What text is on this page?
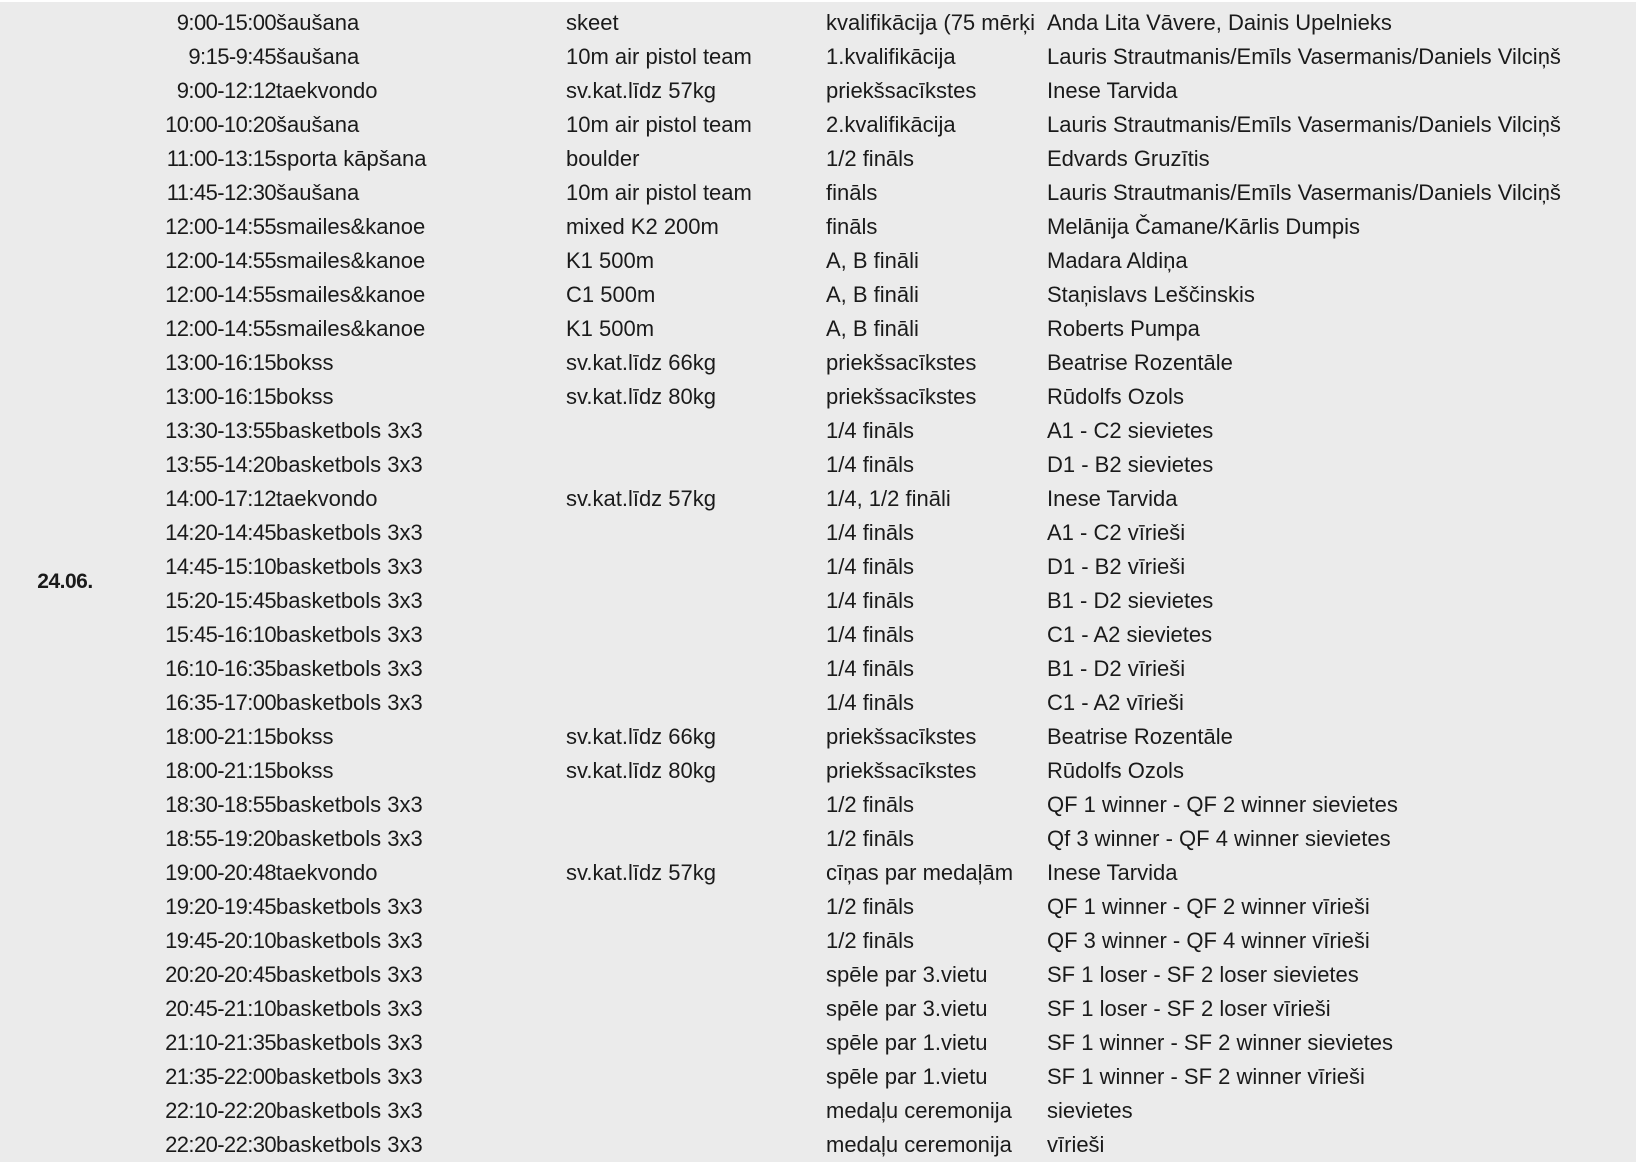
24.06.
9:00-15:00	šaušana	skeet	kvalifikācija (75 mērķi	Anda Lita Vāvere, Dainis Upelnieks
9:15-9:45	šaušana	10m air pistol team	1.kvalifikācija	Lauris Strautmanis/Emīls Vasermanis/Daniels Vilciņš
9:00-12:12	taekvondo	sv.kat.līdz 57kg	priekšsacīkstes	Inese Tarvida
10:00-10:20	šaušana	10m air pistol team	2.kvalifikācija	Lauris Strautmanis/Emīls Vasermanis/Daniels Vilciņš
11:00-13:15	sporta kāpšana	boulder	1/2 fināls	Edvards Gruzītis
11:45-12:30	šaušana	10m air pistol team	fināls	Lauris Strautmanis/Emīls Vasermanis/Daniels Vilciņš
12:00-14:55	smailes&kanoe	mixed K2 200m	fināls	Melānija Čamane/Kārlis Dumpis
12:00-14:55	smailes&kanoe	K1 500m	A, B fināli	Madara Aldiņa
12:00-14:55	smailes&kanoe	C1 500m	A, B fināli	Staņislavs Leščinskis
12:00-14:55	smailes&kanoe	K1 500m	A, B fināli	Roberts Pumpa
13:00-16:15	bokss	sv.kat.līdz 66kg	priekšsacīkstes	Beatrise Rozentāle
13:00-16:15	bokss	sv.kat.līdz 80kg	priekšsacīkstes	Rūdolfs Ozols
13:30-13:55	basketbols 3x3		1/4 fināls	A1 - C2 sievietes
13:55-14:20	basketbols 3x3		1/4 fināls	D1 - B2 sievietes
14:00-17:12	taekvondo	sv.kat.līdz 57kg	1/4, 1/2 fināli	Inese Tarvida
14:20-14:45	basketbols 3x3		1/4 fināls	A1 - C2 vīrieši
14:45-15:10	basketbols 3x3		1/4 fināls	D1 - B2 vīrieši
15:20-15:45	basketbols 3x3		1/4 fināls	B1 - D2 sievietes
15:45-16:10	basketbols 3x3		1/4 fināls	C1 - A2 sievietes
16:10-16:35	basketbols 3x3		1/4 fināls	B1 - D2 vīrieši
16:35-17:00	basketbols 3x3		1/4 fināls	C1 - A2 vīrieši
18:00-21:15	bokss	sv.kat.līdz 66kg	priekšsacīkstes	Beatrise Rozentāle
18:00-21:15	bokss	sv.kat.līdz 80kg	priekšsacīkstes	Rūdolfs Ozols
18:30-18:55	basketbols 3x3		1/2 fināls	QF 1 winner - QF 2 winner sievietes
18:55-19:20	basketbols 3x3		1/2 fināls	Qf 3 winner - QF 4 winner sievietes
19:00-20:48	taekvondo	sv.kat.līdz 57kg	cīņas par medaļām	Inese Tarvida
19:20-19:45	basketbols 3x3		1/2 fināls	QF 1 winner - QF 2 winner vīrieši
19:45-20:10	basketbols 3x3		1/2 fināls	QF 3 winner - QF 4 winner vīrieši
20:20-20:45	basketbols 3x3		spēle par 3.vietu	SF 1 loser - SF 2 loser sievietes
20:45-21:10	basketbols 3x3		spēle par 3.vietu	SF 1 loser - SF 2 loser vīrieši
21:10-21:35	basketbols 3x3		spēle par 1.vietu	SF 1 winner - SF 2 winner sievietes
21:35-22:00	basketbols 3x3		spēle par 1.vietu	SF 1 winner - SF 2 winner vīrieši
22:10-22:20	basketbols 3x3		medaļu ceremonija	sievietes
22:20-22:30	basketbols 3x3		medaļu ceremonija	vīrieši
